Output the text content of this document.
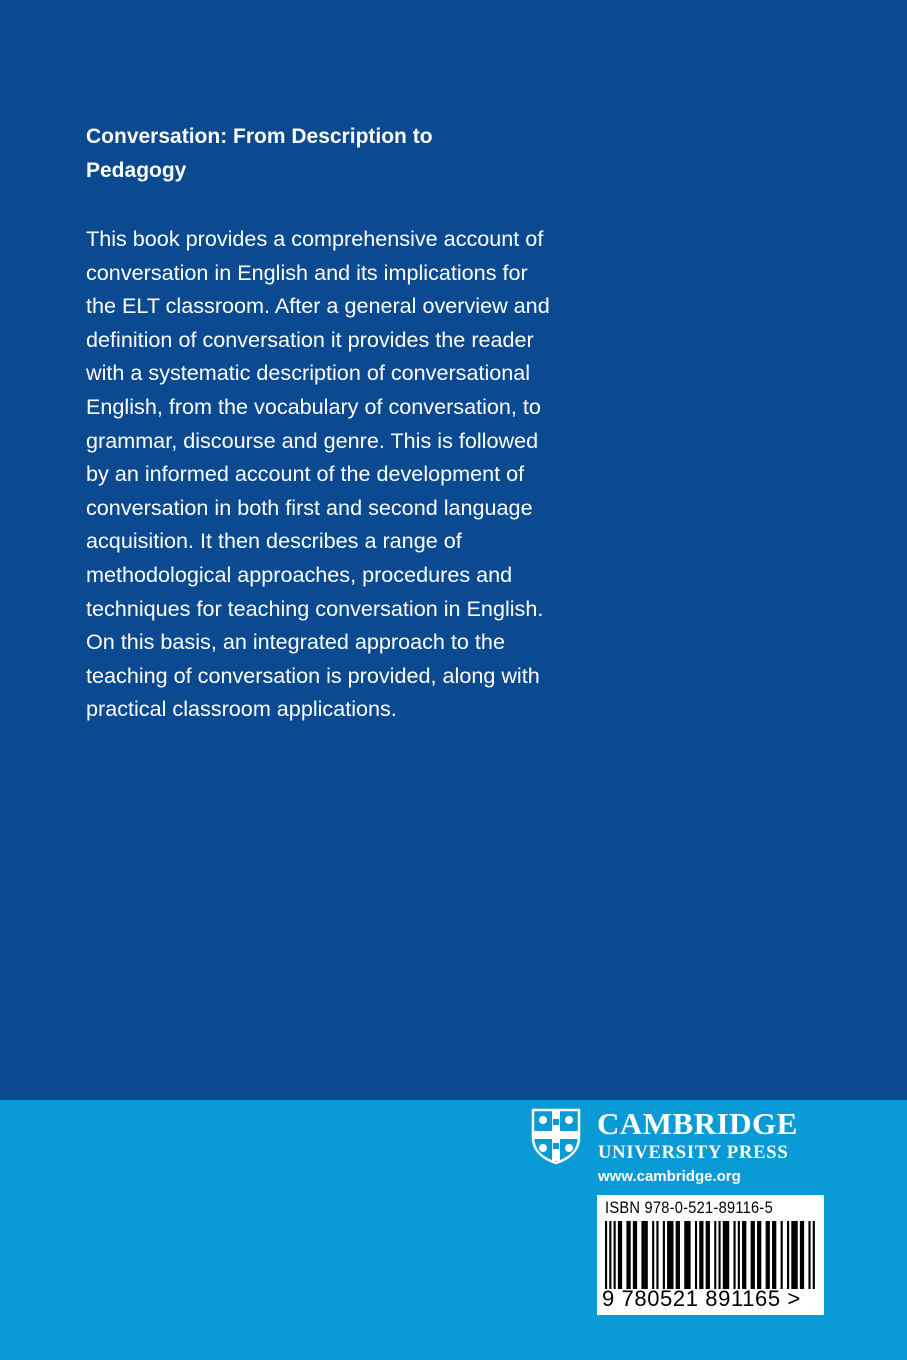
Conversation: From Description to
Pedagogy

This book provides a comprehensive account of
conversation in English and its implications for
the ELT classroom. After a general overview and
definition of conversation it provides the reader
with a systematic description of conversational
English, from the vocabulary of conversation, to
grammar, discourse and genre. This is followed
by an informed account of the development of
conversation in both first and second language
acquisition. It then describes a range of
methodological approaches, procedures and
techniques for teaching conversation in English.
On this basis, an integrated approach to the
teaching of conversation is provided, along with
practical classroom applications.

CAMBRIDGE
UNIVERSITY PRESS
www.cambridge.org
ISBN 978-0-521-89116-5
9 780521 891165 >
